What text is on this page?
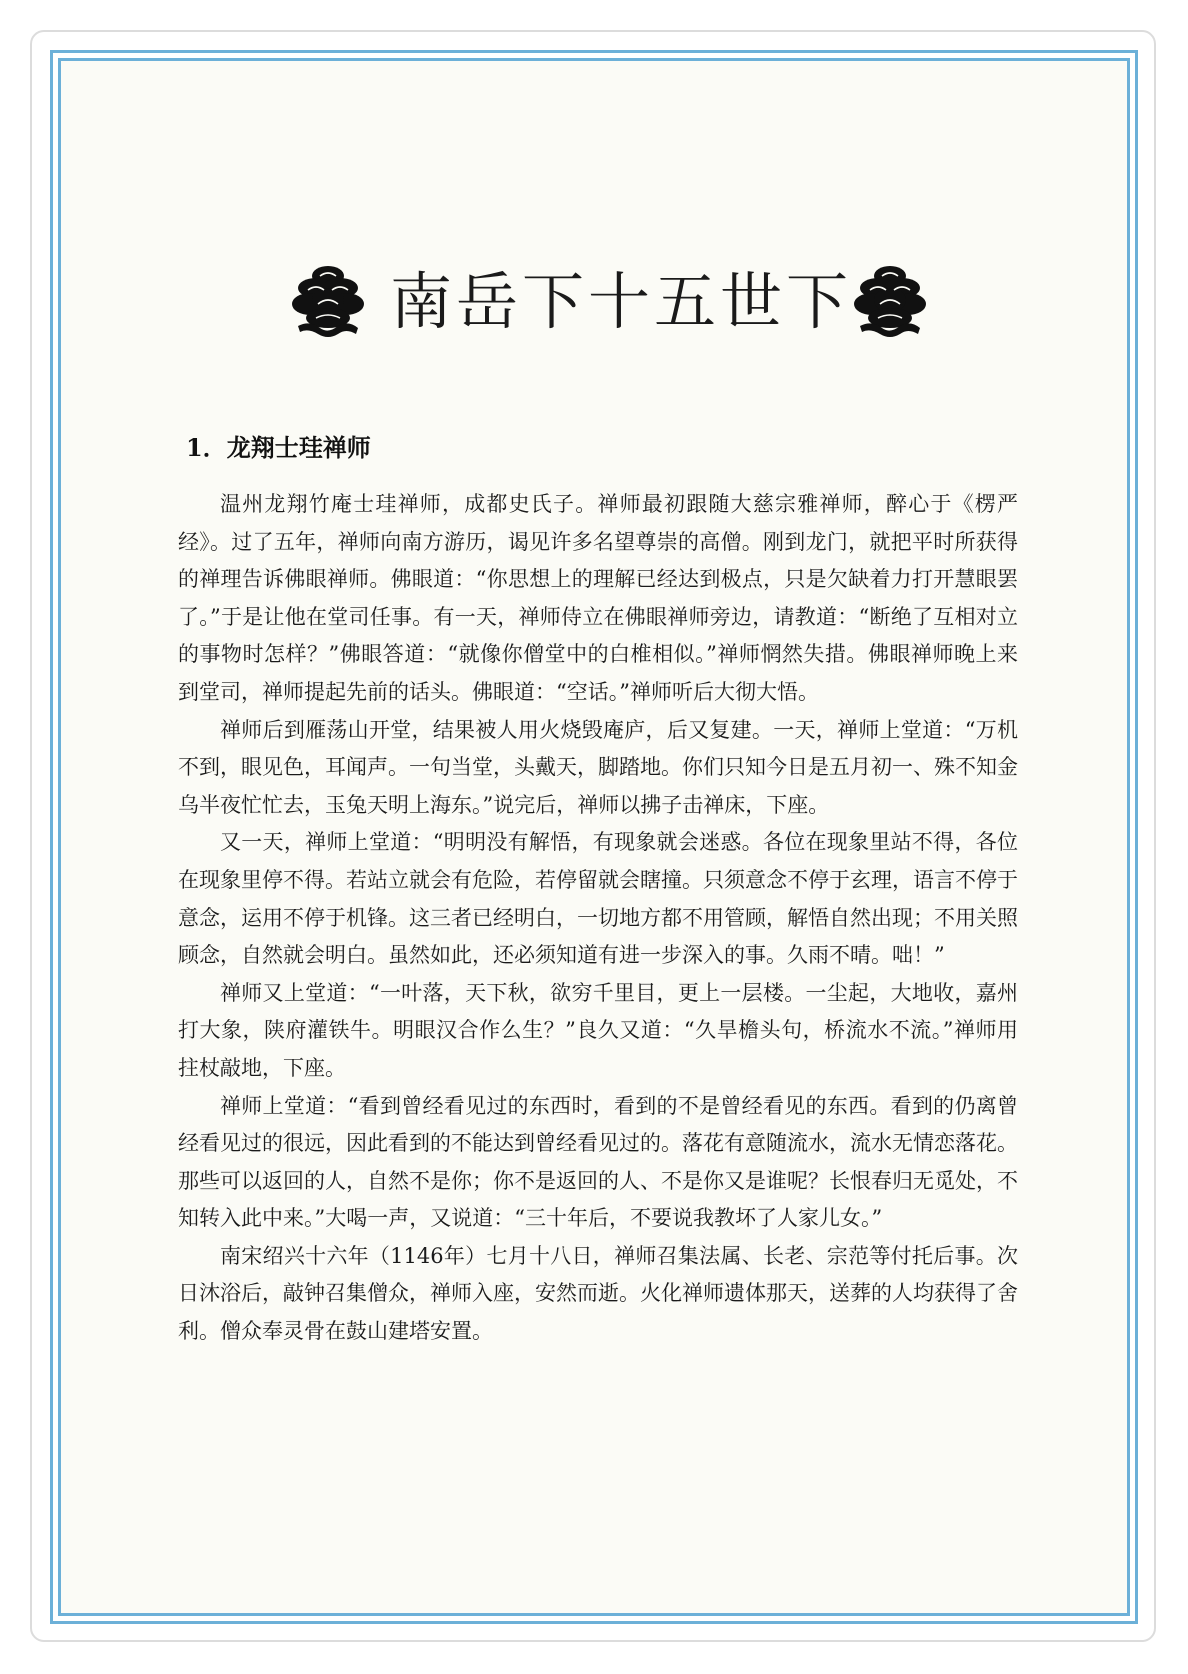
南岳下十五世下
1．龙翔士珪禅师

温州龙翔竹庵士珪禅师，成都史氏子。禅师最初跟随大慈宗雅禅师，醉心于《楞严经》。过了五年，禅师向南方游历，谒见许多名望尊崇的高僧。刚到龙门，就把平时所获得的禅理告诉佛眼禅师。佛眼道：“你思想上的理解已经达到极点，只是欠缺着力打开慧眼罢了。”于是让他在堂司任事。有一天，禅师侍立在佛眼禅师旁边，请教道：“断绝了互相对立的事物时怎样？”佛眼答道：“就像你僧堂中的白椎相似。”禅师惘然失措。佛眼禅师晚上来到堂司，禅师提起先前的话头。佛眼道：“空话。”禅师听后大彻大悟。

禅师后到雁荡山开堂，结果被人用火烧毁庵庐，后又复建。一天，禅师上堂道：“万机不到，眼见色，耳闻声。一句当堂，头戴天，脚踏地。你们只知今日是五月初一、殊不知金乌半夜忙忙去，玉兔天明上海东。”说完后，禅师以拂子击禅床，下座。

又一天，禅师上堂道：“明明没有解悟，有现象就会迷惑。各位在现象里站不得，各位在现象里停不得。若站立就会有危险，若停留就会瞎撞。只须意念不停于玄理，语言不停于意念，运用不停于机锋。这三者已经明白，一切地方都不用管顾，解悟自然出现；不用关照顾念，自然就会明白。虽然如此，还必须知道有进一步深入的事。久雨不晴。咄！”

禅师又上堂道：“一叶落，天下秋，欲穷千里目，更上一层楼。一尘起，大地收，嘉州打大象，陕府灌铁牛。明眼汉合作么生？”良久又道：“久旱檐头句，桥流水不流。”禅师用拄杖敲地，下座。

禅师上堂道：“看到曾经看见过的东西时，看到的不是曾经看见的东西。看到的仍离曾经看见过的很远，因此看到的不能达到曾经看见过的。落花有意随流水，流水无情恋落花。那些可以返回的人，自然不是你；你不是返回的人、不是你又是谁呢？长恨春归无觅处，不知转入此中来。”大喝一声，又说道：“三十年后，不要说我教坏了人家儿女。”

南宋绍兴十六年（1146年）七月十八日，禅师召集法属、长老、宗范等付托后事。次日沐浴后，敲钟召集僧众，禅师入座，安然而逝。火化禅师遗体那天，送葬的人均获得了舍利。僧众奉灵骨在鼓山建塔安置。
